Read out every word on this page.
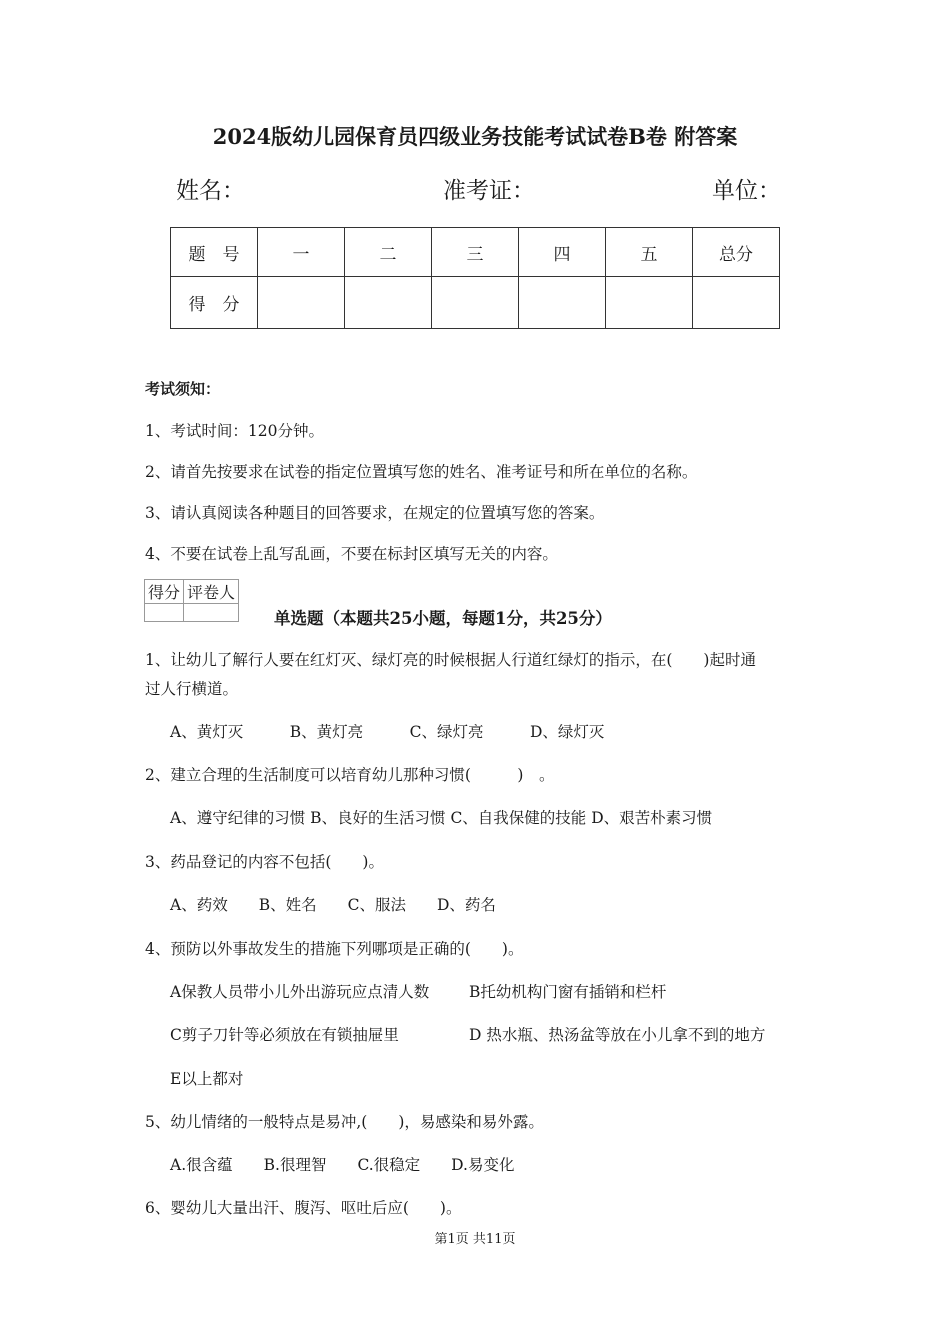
2024版幼儿园保育员四级业务技能考试试卷B卷 附答案
姓名：	准考证：	单位：
题　号	一	二	三	四	五	总分
得　分						
考试须知：
1、考试时间：120分钟。
2、请首先按要求在试卷的指定位置填写您的姓名、准考证号和所在单位的名称。
3、请认真阅读各种题目的回答要求，在规定的位置填写您的答案。
4、不要在试卷上乱写乱画，不要在标封区填写无关的内容。
得分	评卷人

单选题（本题共25小题，每题1分，共25分）
1、让幼儿了解行人要在红灯灭、绿灯亮的时候根据人行道红绿灯的指示，在(　　)起时通
过人行横道。
A、黄灯灭　　　B、黄灯亮　　　C、绿灯亮　　　D、绿灯灭
2、建立合理的生活制度可以培育幼儿那种习惯(　　　)　。
A、遵守纪律的习惯 B、良好的生活习惯 C、自我保健的技能 D、艰苦朴素习惯
3、药品登记的内容不包括(　　)。
A、药效　　B、姓名　　C、服法　　D、药名
4、预防以外事故发生的措施下列哪项是正确的(　　)。
A保教人员带小儿外出游玩应点清人数	B托幼机构门窗有插销和栏杆
C剪子刀针等必须放在有锁抽屉里	D 热水瓶、热汤盆等放在小儿拿不到的地方
E以上都对
5、幼儿情绪的一般特点是易冲,(　　)，易感染和易外露。
A.很含蕴　　B.很理智　　C.很稳定　　D.易变化
6、婴幼儿大量出汗、腹泻、呕吐后应(　　)。
第1页 共11页
